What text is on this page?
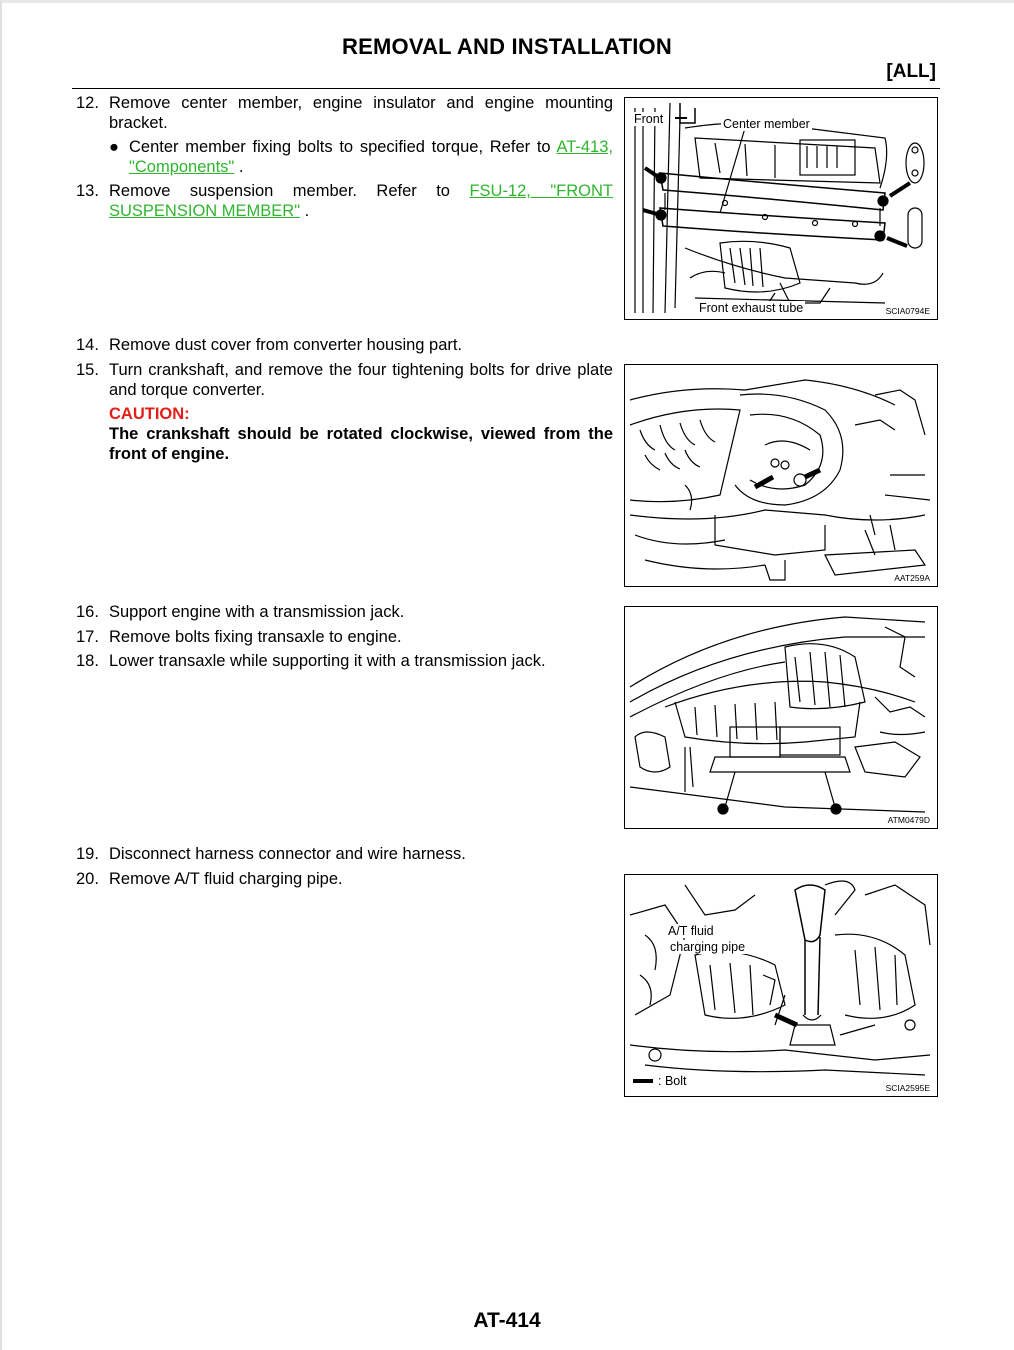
REMOVAL AND INSTALLATION
[ALL]
12. Remove center member, engine insulator and engine mounting bracket.
● Center member fixing bolts to specified torque, Refer to AT-413, "Components" .
13. Remove suspension member. Refer to FSU-12, "FRONT SUSPENSION MEMBER" .
14. Remove dust cover from converter housing part.
15. Turn crankshaft, and remove the four tightening bolts for drive plate and torque converter.
CAUTION:
The crankshaft should be rotated clockwise, viewed from the front of engine.
16. Support engine with a transmission jack.
17. Remove bolts fixing transaxle to engine.
18. Lower transaxle while supporting it with a transmission jack.
19. Disconnect harness connector and wire harness.
20. Remove A/T fluid charging pipe.
Front	Center member
Front exhaust tube	SCIA0794E
AAT259A
ATM0479D
A/T fluid
charging pipe
: Bolt	SCIA2595E
AT-414
